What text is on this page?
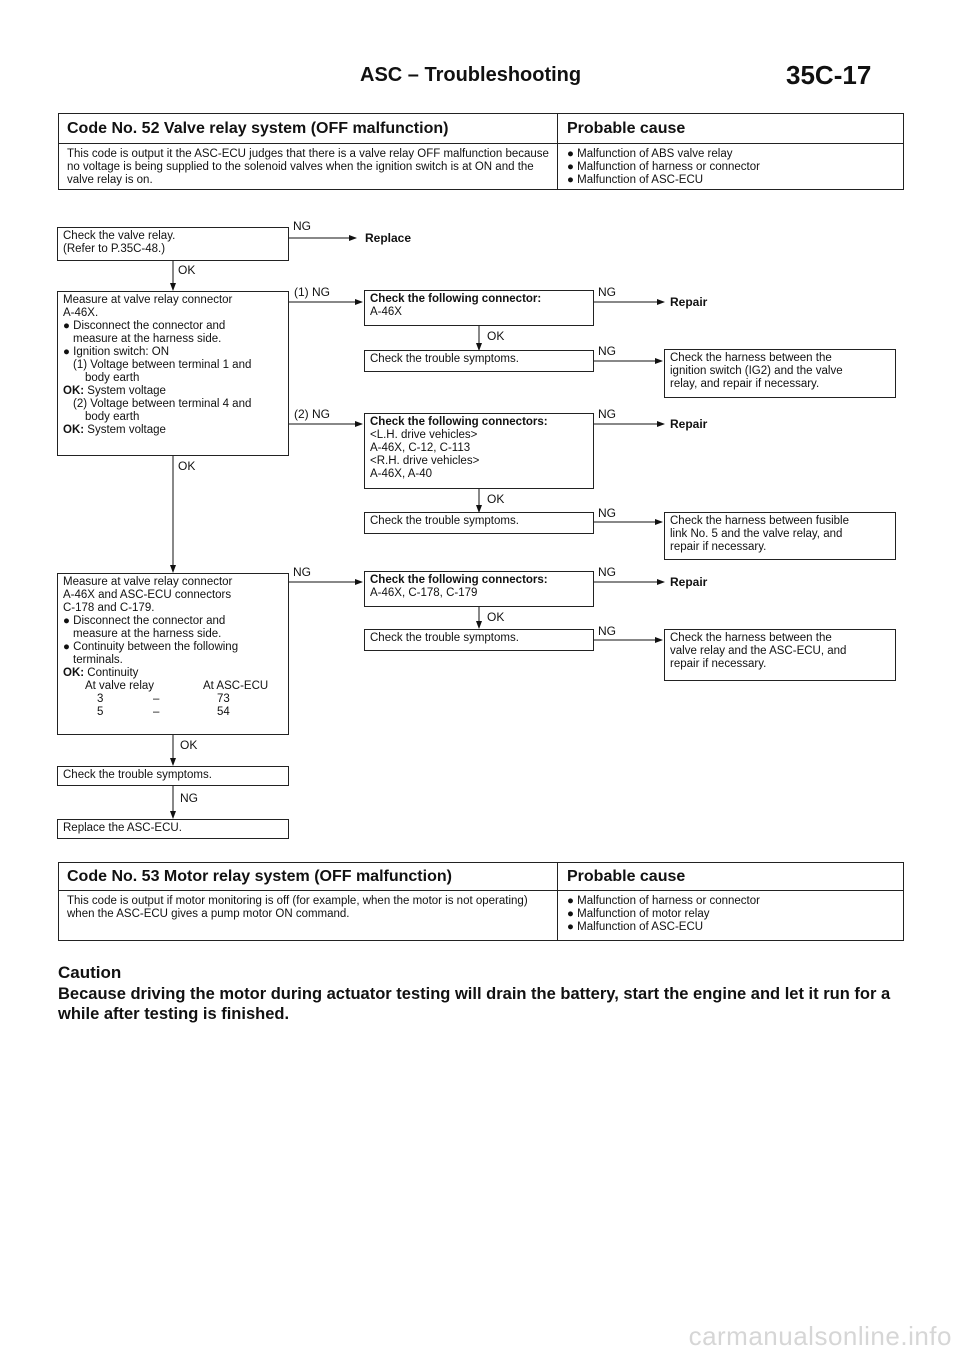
ASC – Troubleshooting	35C-17
Code No. 52 Valve relay system (OFF malfunction)	Probable cause
This code is output it the ASC-ECU judges that there is a valve relay OFF malfunction because no voltage is being supplied to the solenoid valves when the ignition switch is at ON and the valve relay is on.
● Malfunction of ABS valve relay
● Malfunction of harness or connector
● Malfunction of ASC-ECU
Check the valve relay.
(Refer to P.35C-48.)
Replace
Measure at valve relay connector
A-46X.
● Disconnect the connector and
measure at the harness side.
● Ignition switch: ON
(1) Voltage between terminal 1 and
body earth
OK: System voltage
(2) Voltage between terminal 4 and
body earth
OK: System voltage
Check the following connector:
A-46X
Repair
Check the trouble symptoms.	Check the harness between the
ignition switch (IG2) and the valve
relay, and repair if necessary.
Check the following connectors:
<L.H. drive vehicles>
A-46X, C-12, C-113
<R.H. drive vehicles>
A-46X, A-40
Repair
Check the trouble symptoms.	Check the harness between fusible
link No. 5 and the valve relay, and
repair if necessary.
Measure at valve relay connector
A-46X and ASC-ECU connectors
C-178 and C-179.
● Disconnect the connector and
measure at the harness side.
● Continuity between the following
terminals.
OK: Continuity
At valve relay	At ASC-ECU
3	–	73
5	–	54
Check the following connectors:
A-46X, C-178, C-179
Repair
Check the trouble symptoms.	Check the harness between the
valve relay and the ASC-ECU, and
repair if necessary.
Check the trouble symptoms.
Replace the ASC-ECU.
NG
OK
(1) NG	NG
OK
NG
(2) NG	NG
OK
OK
NG
NG	NG
OK
NG
OK
NG
Code No. 53 Motor relay system (OFF malfunction)	Probable cause
This code is output if motor monitoring is off (for example, when the motor is not operating) when the ASC-ECU gives a pump motor ON command.
● Malfunction of harness or connector
● Malfunction of motor relay
● Malfunction of ASC-ECU
Caution
Because driving the motor during actuator testing will drain the battery, start the engine and let it run for a while after testing is finished.
carmanualsonline.info
